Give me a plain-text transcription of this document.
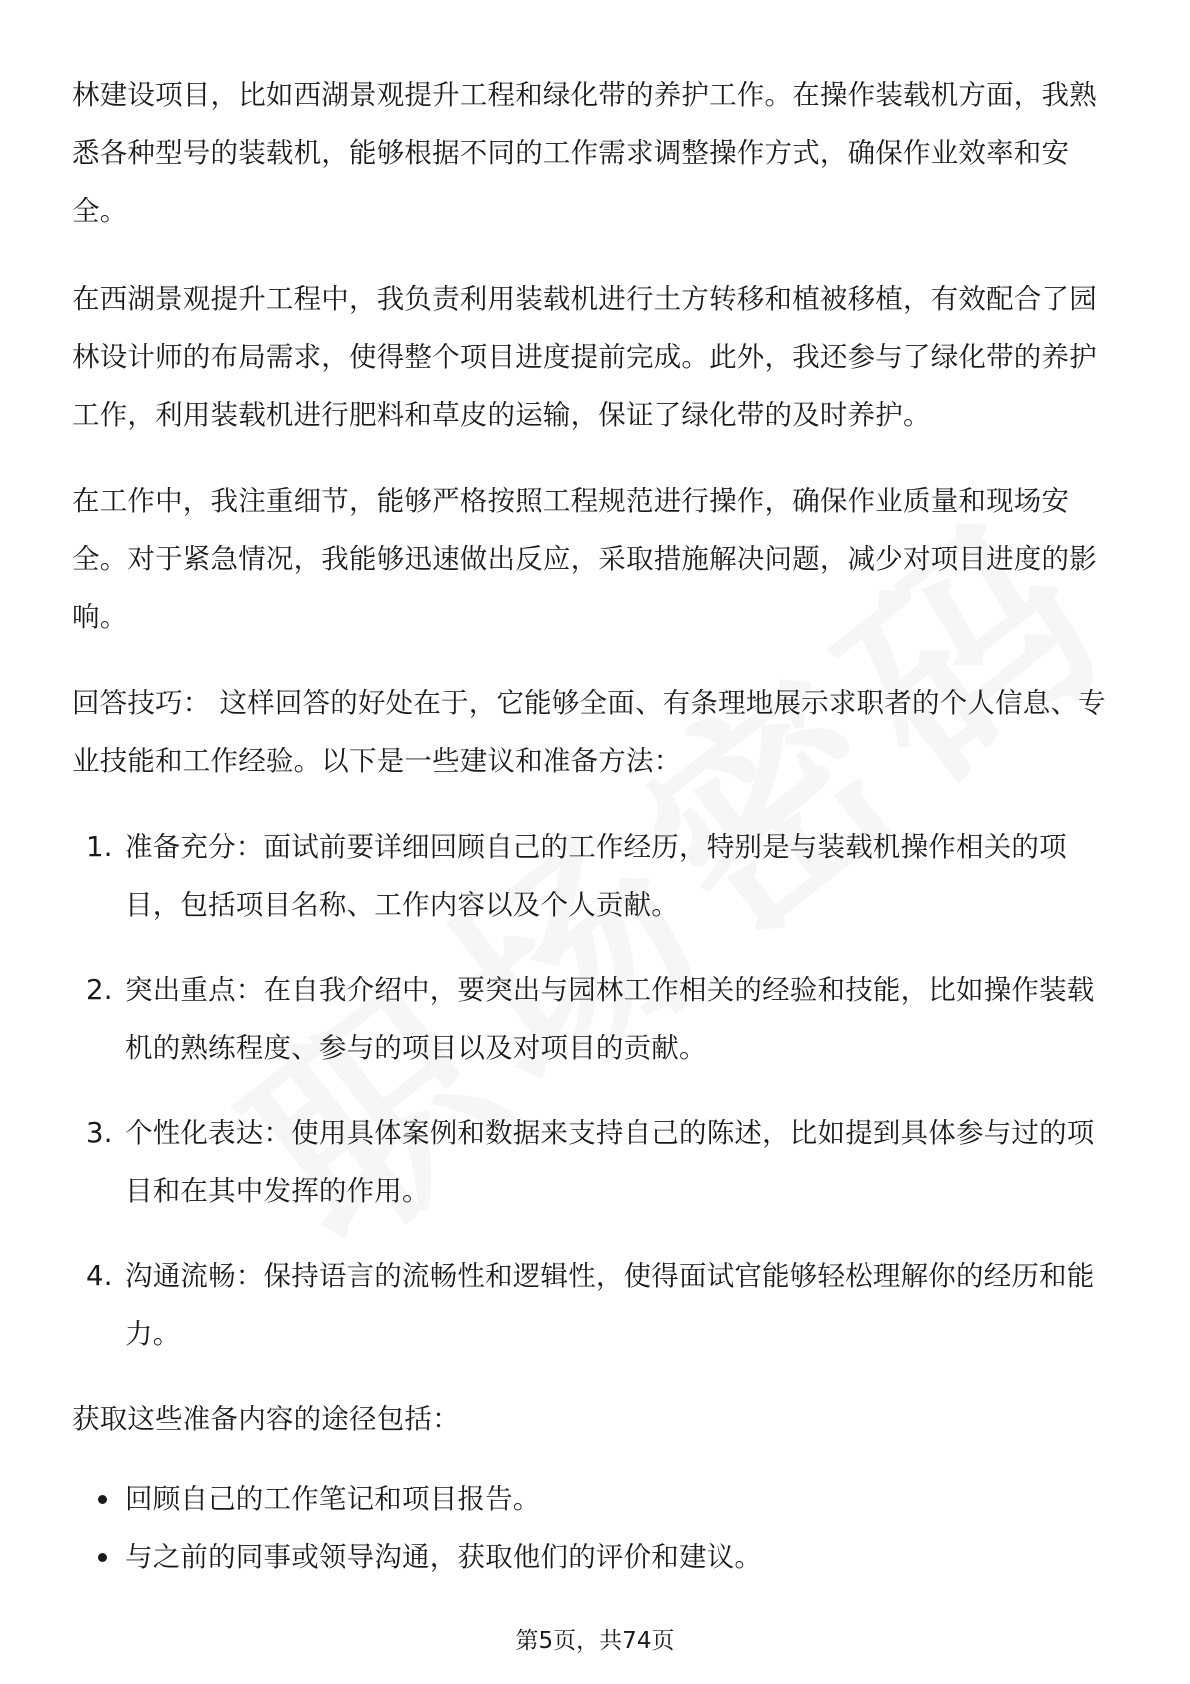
林建设项目，比如西湖景观提升工程和绿化带的养护工作。在操作装载机方面，我熟悉各种型号的装载机，能够根据不同的工作需求调整操作方式，确保作业效率和安全。

在西湖景观提升工程中，我负责利用装载机进行土方转移和植被移植，有效配合了园林设计师的布局需求，使得整个项目进度提前完成。此外，我还参与了绿化带的养护工作，利用装载机进行肥料和草皮的运输，保证了绿化带的及时养护。

在工作中，我注重细节，能够严格按照工程规范进行操作，确保作业质量和现场安全。对于紧急情况，我能够迅速做出反应，采取措施解决问题，减少对项目进度的影响。

回答技巧： 这样回答的好处在于，它能够全面、有条理地展示求职者的个人信息、专业技能和工作经验。以下是一些建议和准备方法：

1. 准备充分：面试前要详细回顾自己的工作经历，特别是与装载机操作相关的项目，包括项目名称、工作内容以及个人贡献。
2. 突出重点：在自我介绍中，要突出与园林工作相关的经验和技能，比如操作装载机的熟练程度、参与的项目以及对项目的贡献。
3. 个性化表达：使用具体案例和数据来支持自己的陈述，比如提到具体参与过的项目和在其中发挥的作用。
4. 沟通流畅：保持语言的流畅性和逻辑性，使得面试官能够轻松理解你的经历和能力。

获取这些准备内容的途径包括：

回顾自己的工作笔记和项目报告。
与之前的同事或领导沟通，获取他们的评价和建议。
第5页，共74页
